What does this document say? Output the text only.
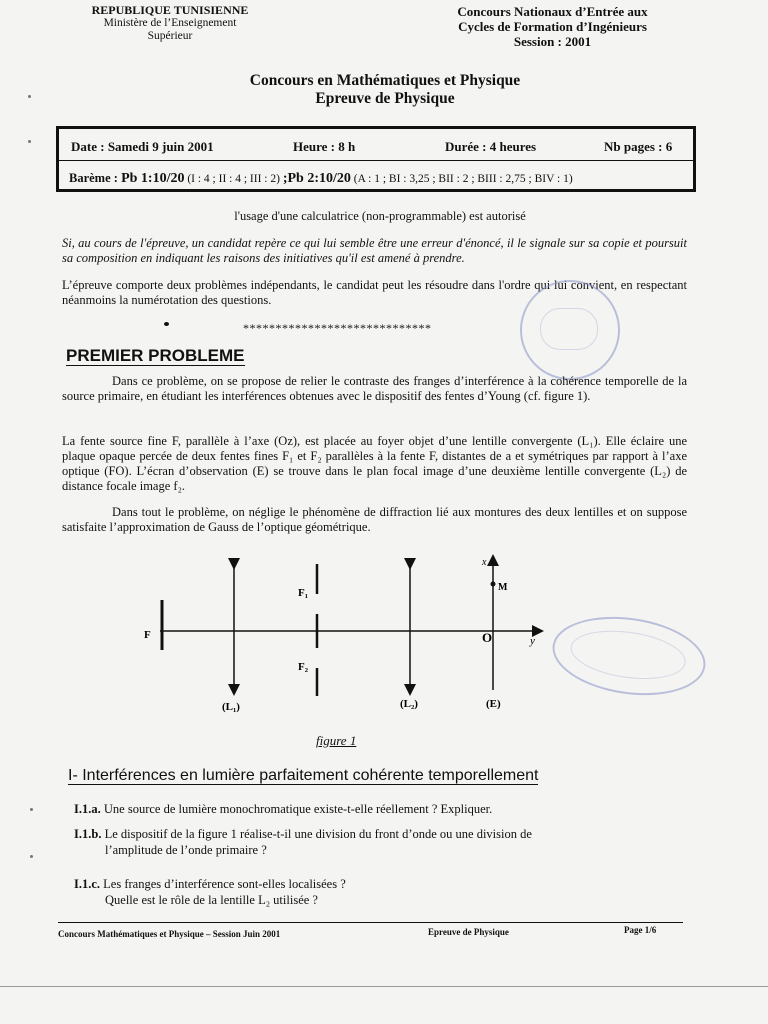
REPUBLIQUE TUNISIENNE
Ministère de l’Enseignement
Supérieur
Concours Nationaux d’Entrée aux
Cycles de Formation d’Ingénieurs
Session : 2001
Concours en Mathématiques et Physique
Epreuve de Physique
Date : Samedi 9 juin 2001	Heure : 8 h	Durée : 4 heures	Nb pages : 6
Barème : Pb 1:10/20 (I : 4 ; II : 4 ; III : 2) ;Pb 2:10/20 (A : 1 ; BI : 3,25 ; BII : 2 ; BIII : 2,75 ; BIV : 1)
l'usage d'une calculatrice (non-programmable) est autorisé
Si, au cours de l'épreuve, un candidat repère ce qui lui semble être une erreur d'énoncé, il le signale sur sa copie et poursuit sa composition en indiquant les raisons des initiatives qu'il est amené à prendre.
L’épreuve comporte deux problèmes indépendants, le candidat peut les résoudre dans l'ordre qui lui convient, en respectant néanmoins la numérotation des questions.
*****************************
PREMIER PROBLEME
Dans ce problème, on se propose de relier le contraste des franges d’interférence à la cohérence temporelle de la source primaire, en étudiant les interférences obtenues avec le dispositif des fentes d’Young (cf. figure 1).
La fente source fine F, parallèle à l’axe (Oz), est placée au foyer objet d’une lentille convergente (L₁). Elle éclaire une plaque opaque percée de deux fentes fines F₁ et F₂ parallèles à la fente F, distantes de a et symétriques par rapport à l’axe optique (FO). L’écran d’observation (E) se trouve dans le plan focal image d’une deuxième lentille convergente (L₂) de distance focale image f₂.
Dans tout le problème, on néglige le phénomène de diffraction lié aux montures des deux lentilles et on suppose satisfaite l’approximation de Gauss de l’optique géométrique.
F
F₁
F₂
(L₁)	(L₂)	(E)
O
x
y
M
figure 1
I- Interférences en lumière parfaitement cohérente temporellement
I.1.a. Une source de lumière monochromatique existe-t-elle réellement ? Expliquer.
I.1.b. Le dispositif de la figure 1 réalise-t-il une division du front d’onde ou une division de
l’amplitude de l’onde primaire ?
I.1.c. Les franges d’interférence sont-elles localisées ?
Quelle est le rôle de la lentille L₂ utilisée ?
Concours Mathématiques et Physique – Session Juin 2001	Epreuve de Physique	Page 1/6
